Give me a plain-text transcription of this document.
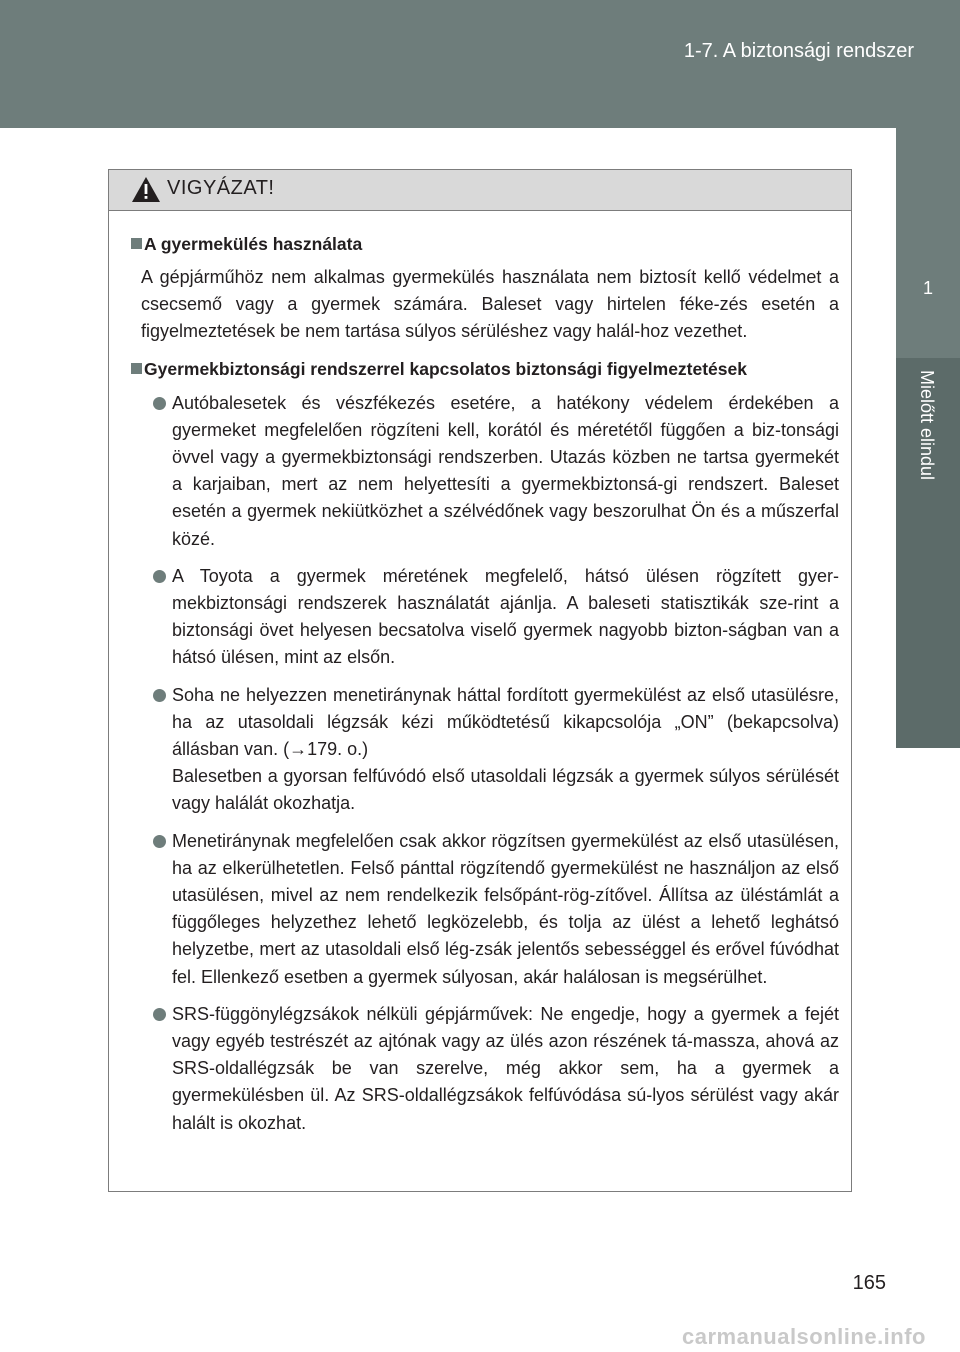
1-7. A biztonsági rendszer
1
Mielőtt elindul
VIGYÁZAT!
A gyermekülés használata

A gépjárműhöz nem alkalmas gyermekülés használata nem biztosít kellő védelmet a csecsemő vagy a gyermek számára. Baleset vagy hirtelen féke-zés esetén a figyelmeztetések be nem tartása súlyos sérüléshez vagy halál-hoz vezethet.

Gyermekbiztonsági rendszerrel kapcsolatos biztonsági figyelmeztetések

Autóbalesetek és vészfékezés esetére, a hatékony védelem érdekében a gyermeket megfelelően rögzíteni kell, korától és méretétől függően a biz-tonsági övvel vagy a gyermekbiztonsági rendszerben. Utazás közben ne tartsa gyermekét a karjaiban, mert az nem helyettesíti a gyermekbiztonsá-gi rendszert. Baleset esetén a gyermek nekiütközhet a szélvédőnek vagy beszorulhat Ön és a műszerfal közé.

A Toyota a gyermek méretének megfelelő, hátsó ülésen rögzített gyer-mekbiztonsági rendszerek használatát ajánlja. A baleseti statisztikák sze-rint a biztonsági övet helyesen becsatolva viselő gyermek nagyobb bizton-ságban van a hátsó ülésen, mint az elsőn.

Soha ne helyezzen menetiránynak háttal fordított gyermekülést az első utasülésre, ha az utasoldali légzsák kézi működtetésű kikapcsolója „ON” (bekapcsolva) állásban van. (→179. o.)

Balesetben a gyorsan felfúvódó első utasoldali légzsák a gyermek súlyos sérülését vagy halálát okozhatja.

Menetiránynak megfelelően csak akkor rögzítsen gyermekülést az első utasülésen, ha az elkerülhetetlen. Felső pánttal rögzítendő gyermekülést ne használjon az első utasülésen, mivel az nem rendelkezik felsőpánt-rög-zítővel. Állítsa az üléstámlát a függőleges helyzethez lehető legközelebb, és tolja az ülést a lehető leghátsó helyzetbe, mert az utasoldali első lég-zsák jelentős sebességgel és erővel fúvódhat fel. Ellenkező esetben a gyermek súlyosan, akár halálosan is megsérülhet.

SRS-függönylégzsákok nélküli gépjárművek: Ne engedje, hogy a gyermek a fejét vagy egyéb testrészét az ajtónak vagy az ülés azon részének tá-massza, ahová az SRS-oldallégzsák be van szerelve, még akkor sem, ha a gyermek a gyermekülésben ül. Az SRS-oldallégzsákok felfúvódása sú-lyos sérülést vagy akár halált is okozhat.

165
carmanualsonline.info
